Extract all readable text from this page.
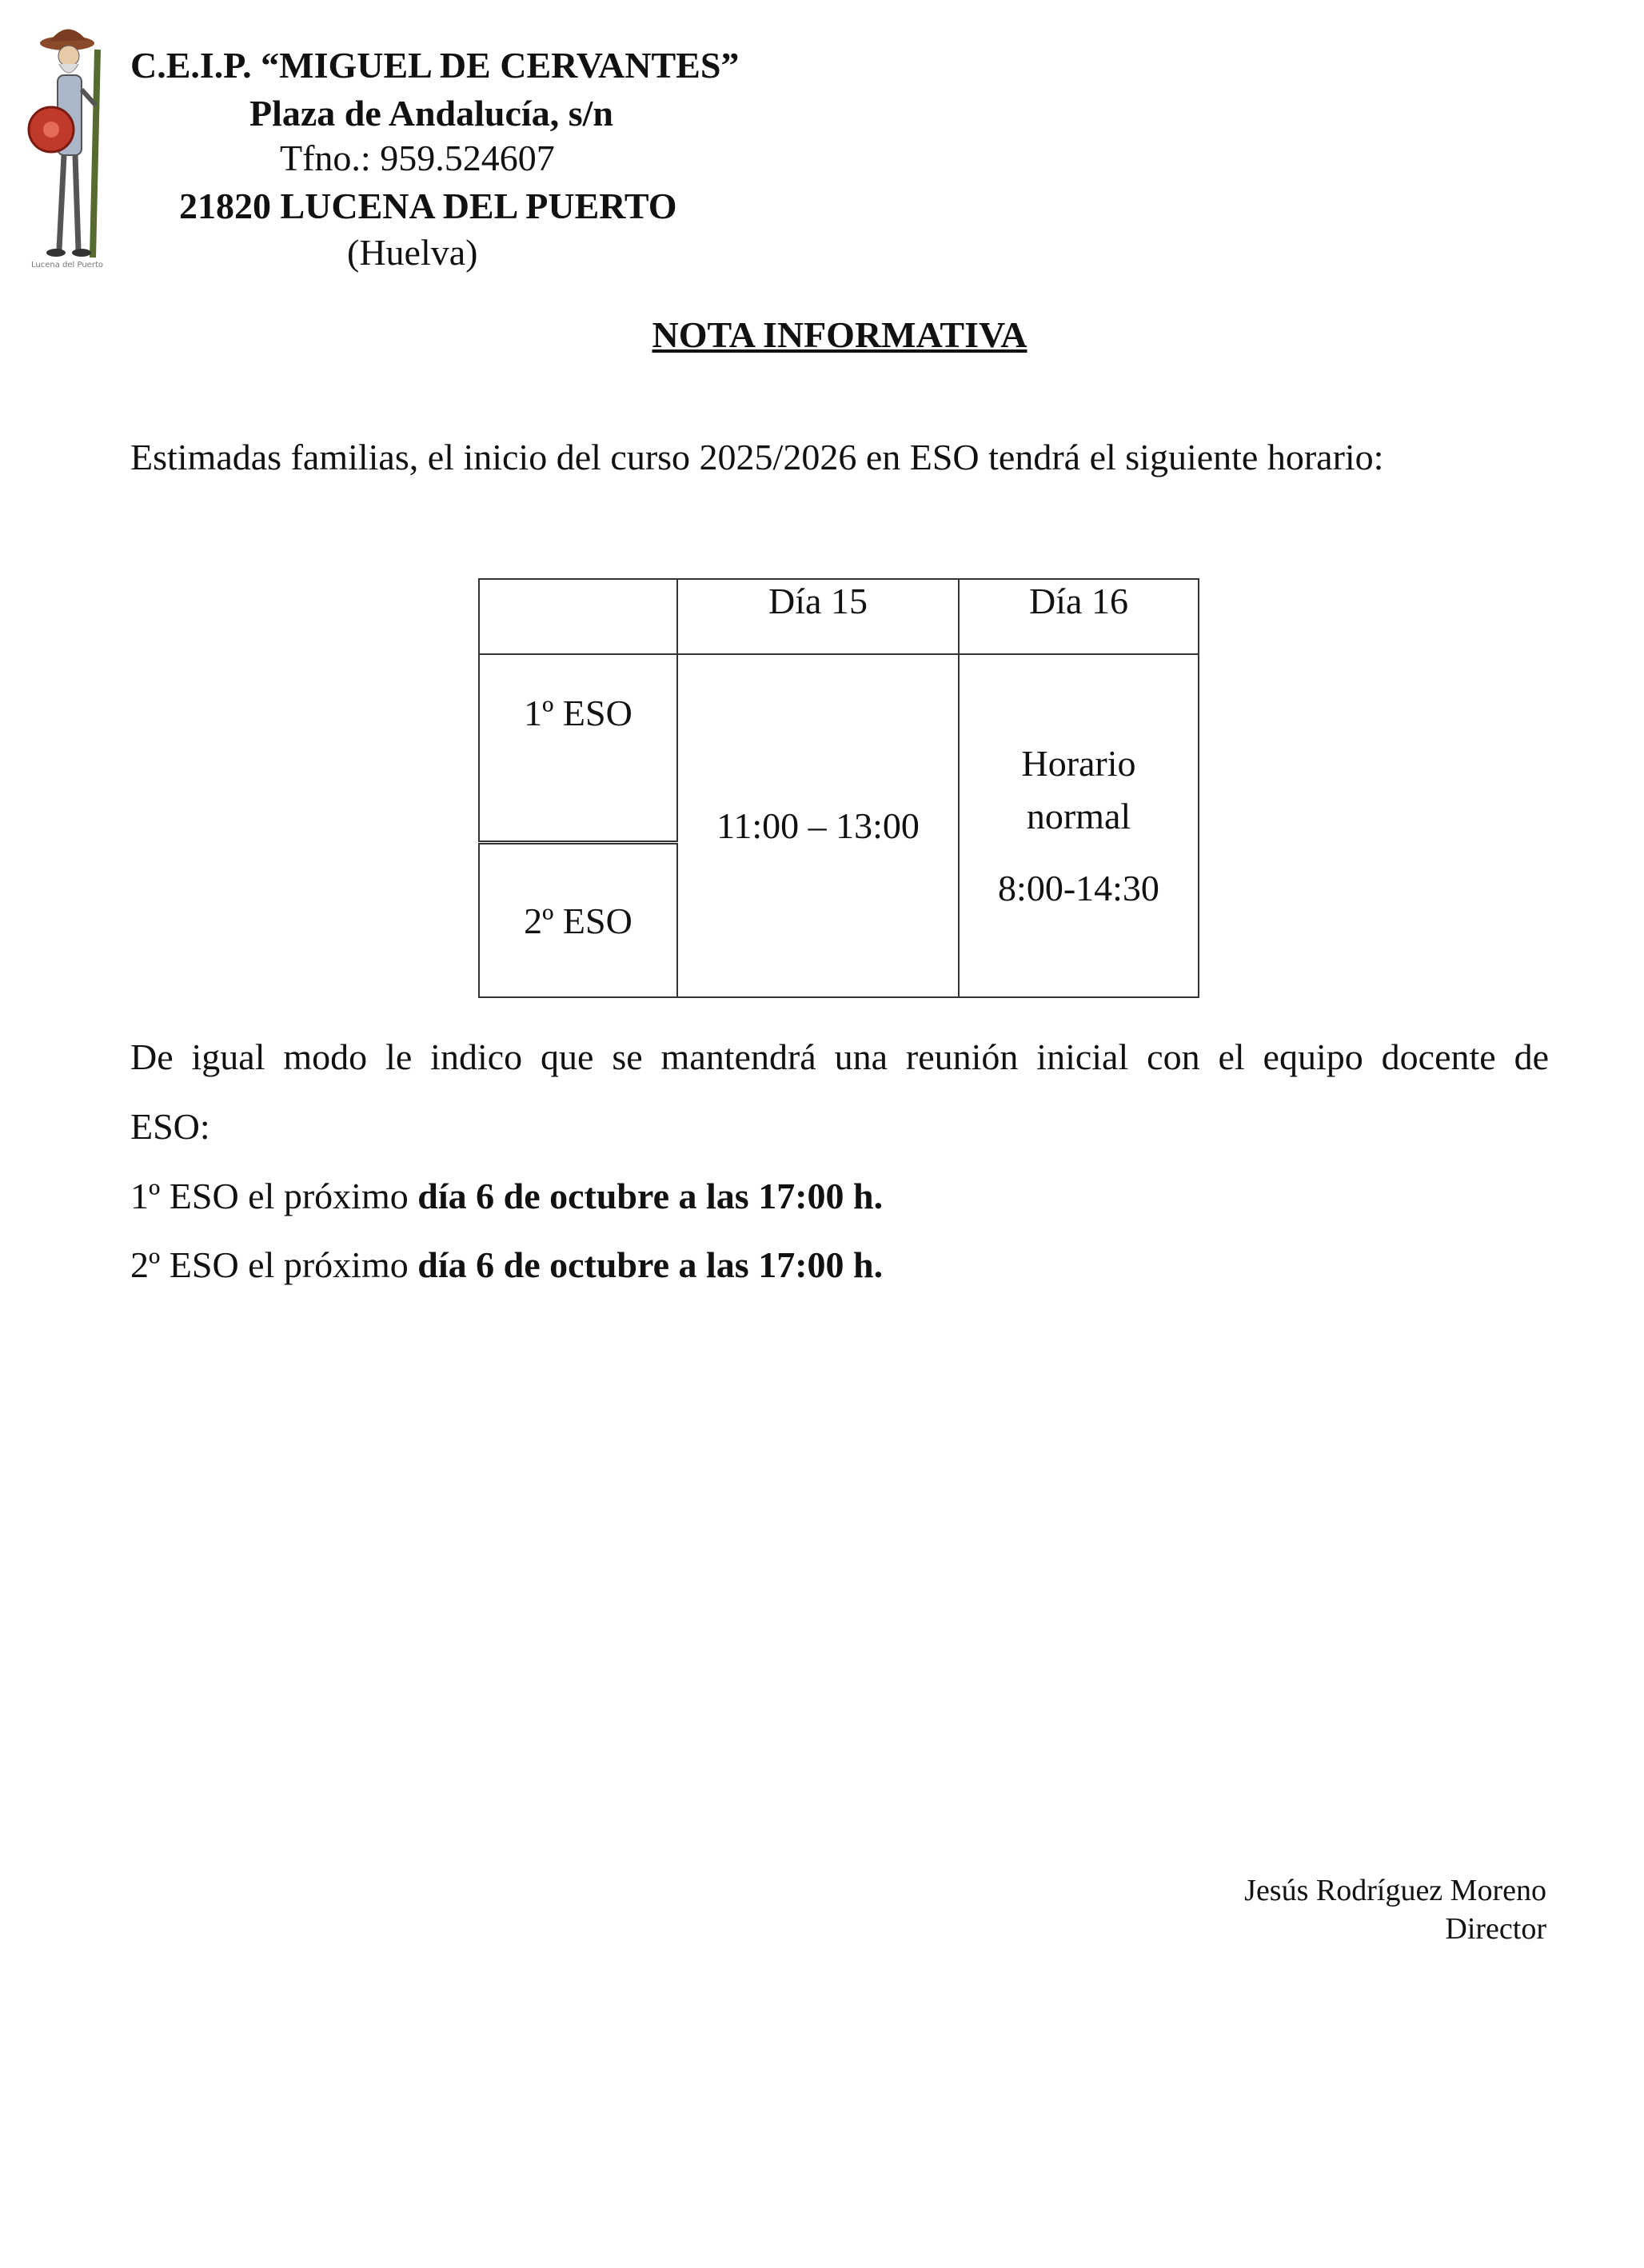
Lucena del Puerto
C.E.I.P. “MIGUEL DE CERVANTES”
Plaza de Andalucía, s/n
Tfno.: 959.524607
21820 LUCENA DEL PUERTO
(Huelva)
NOTA INFORMATIVA
Estimadas familias, el inicio del curso 2025/2026 en ESO tendrá el siguiente horario:
	Día 15	Día 16
1º ESO	11:00 – 13:00	Horario
normal
8:00-14:30

2º ESO		
De igual modo le indico que se mantendrá una reunión inicial con el equipo docente de
ESO:
1º ESO el próximo día 6 de octubre a las 17:00 h.
2º ESO el próximo día 6 de octubre a las 17:00 h.
Jesús Rodríguez Moreno
Director
